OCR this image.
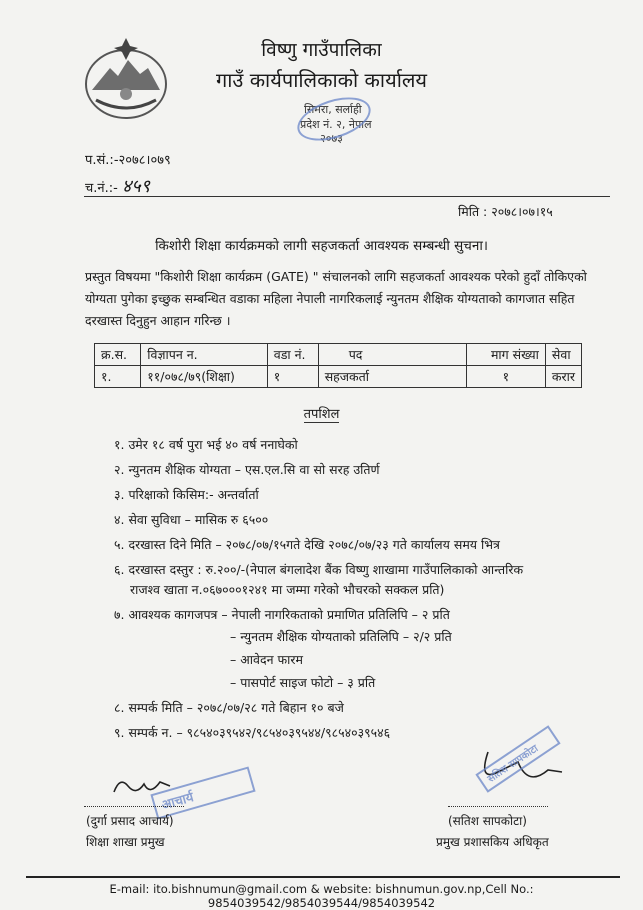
विष्णु गाउँपालिका
गाउँ कार्यपालिकाको कार्यालय
सिमरा, सर्लाही
प्रदेश नं. २, नेपाल
२०७३
प.सं.:-२०७८।०७९
च.नं.:- ४५९
मिति : २०७८।०७।१५
किशोरी शिक्षा कार्यक्रमको लागी सहजकर्ता आवश्यक सम्बन्धी सुचना।
प्रस्तुत विषयमा "किशोरी शिक्षा कार्यक्रम (GATE) " संचालनको लागि सहजकर्ता आवश्यक परेको हुदाँ तोकिएको योग्यता पुगेका इच्छुक सम्बन्धित वडाका महिला नेपाली नागरिकलाई न्युनतम शैक्षिक योग्यताको कागजात सहित दरखास्त दिनुहुन आहान गरिन्छ ।
क्र.स.	विज्ञापन न.	वडा नं.	पद	माग संख्या	सेवा
१.	११/०७८/७९(शिक्षा)	१	सहजकर्ता	१	करार
तपशिल
१. उमेर १८ वर्ष पुरा भई ४० वर्ष ननाघेको
२. न्युनतम शैक्षिक योग्यता – एस.एल.सि वा सो सरह उतिर्ण
३. परिक्षाको किसिम:- अन्तर्वार्ता
४. सेवा सुविधा – मासिक रु ६५००
५. दरखास्त दिने मिति – २०७८/०७/१५गते देखि २०७८/०७/२३ गते कार्यालय समय भित्र
६. दरखास्त दस्तुर : रु.२००/-(नेपाल बंगलादेश बैंक विष्णु शाखामा गाउँपालिकाको आन्तरिक
राजश्व खाता न.०६७०००१२४१ मा जम्मा गरेको भौचरको सक्कल प्रति)
७. आवश्यक कागजपत्र – नेपाली नागरिकताको प्रमाणित प्रतिलिपि – २ प्रति
– न्युनतम शैक्षिक योग्यताको प्रतिलिपि – २/२ प्रति
– आवेदन फारम
– पासपोर्ट साइज फोटो – ३ प्रति
८. सम्पर्क मिति – २०७८/०७/२८ गते बिहान १० बजे
९. सम्पर्क न. – ९८५४०३९५४२/९८५४०३९५४४/९८५४०३९५४६
आचार्य
(दुर्गा प्रसाद आचार्य)
शिक्षा शाखा प्रमुख
सतिश सापकोटा
(सतिश सापकोटा)
प्रमुख प्रशासकिय अधिकृत
E-mail: ito.bishnumun@gmail.com & website: bishnumun.gov.np,Cell No.: 9854039542/9854039544/9854039542
